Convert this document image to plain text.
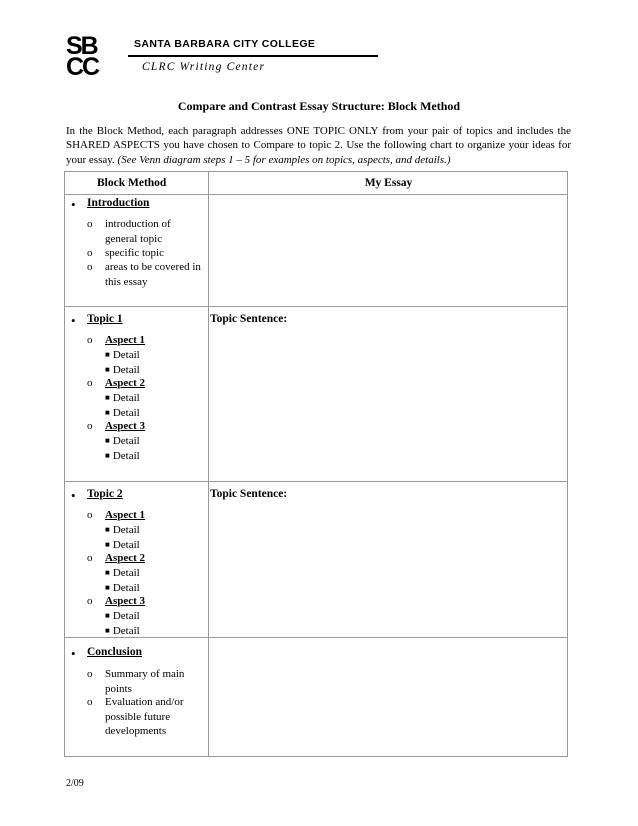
SB
CC
SANTA BARBARA CITY COLLEGE
CLRC Writing Center
Compare and Contrast Essay Structure: Block Method
In the Block Method, each paragraph addresses ONE TOPIC ONLY from your pair of topics and includes the SHARED ASPECTS you have chosen to Compare to topic 2. Use the following chart to organize your ideas for your essay. (See Venn diagram steps 1 – 5 for examples on topics, aspects, and details.)
Block Method	My Essay
• Introduction
o introduction of general topic
o specific topic
o areas to be covered in this essay
• Topic 1
o Aspect 1
■ Detail
■ Detail
o Aspect 2
■ Detail
■ Detail
o Aspect 3
■ Detail
■ Detail
Topic Sentence:
• Topic 2
o Aspect 1
■ Detail
■ Detail
o Aspect 2
■ Detail
■ Detail
o Aspect 3
■ Detail
■ Detail
Topic Sentence:
• Conclusion
o Summary of main points
o Evaluation and/or possible future developments
2/09
